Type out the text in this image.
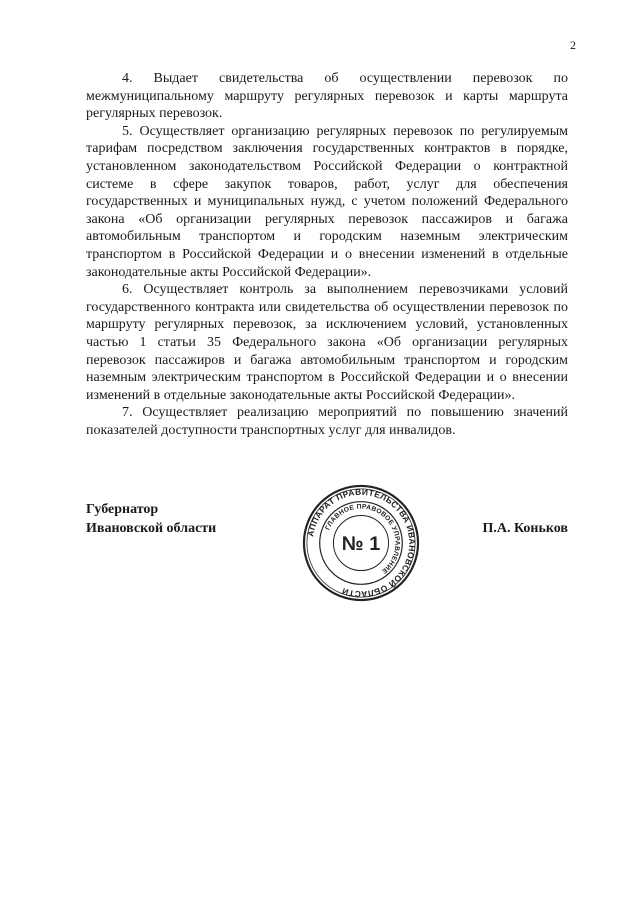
2

4. Выдает свидетельства об осуществлении перевозок по межмуниципальному маршруту регулярных перевозок и карты маршрута регулярных перевозок.

5. Осуществляет организацию регулярных перевозок по регулируемым тарифам посредством заключения государственных контрактов в порядке, установленном законодательством Российской Федерации о контрактной системе в сфере закупок товаров, работ, услуг для обеспечения государственных и муниципальных нужд, с учетом положений Федерального закона «Об организации регулярных перевозок пассажиров и багажа автомобильным транспортом и городским наземным электрическим транспортом в Российской Федерации и о внесении изменений в отдельные законодательные акты Российской Федерации».

6. Осуществляет контроль за выполнением перевозчиками условий государственного контракта или свидетельства об осуществлении перевозок по маршруту регулярных перевозок, за исключением условий, установленных частью 1 статьи 35 Федерального закона «Об организации регулярных перевозок пассажиров и багажа автомобильным транспортом и городским наземным электрическим транспортом в Российской Федерации и о внесении изменений в отдельные законодательные акты Российской Федерации».

7. Осуществляет реализацию мероприятий по повышению значений показателей доступности транспортных услуг для инвалидов.

Губернатор
Ивановской области	АППАРАТ ПРАВИТЕЛЬСТВА ИВАНОВСКОЙ ОБЛАСТИ
ГЛАВНОЕ ПРАВОВОЕ УПРАВЛЕНИЕ
№ 1
П.А. Коньков
